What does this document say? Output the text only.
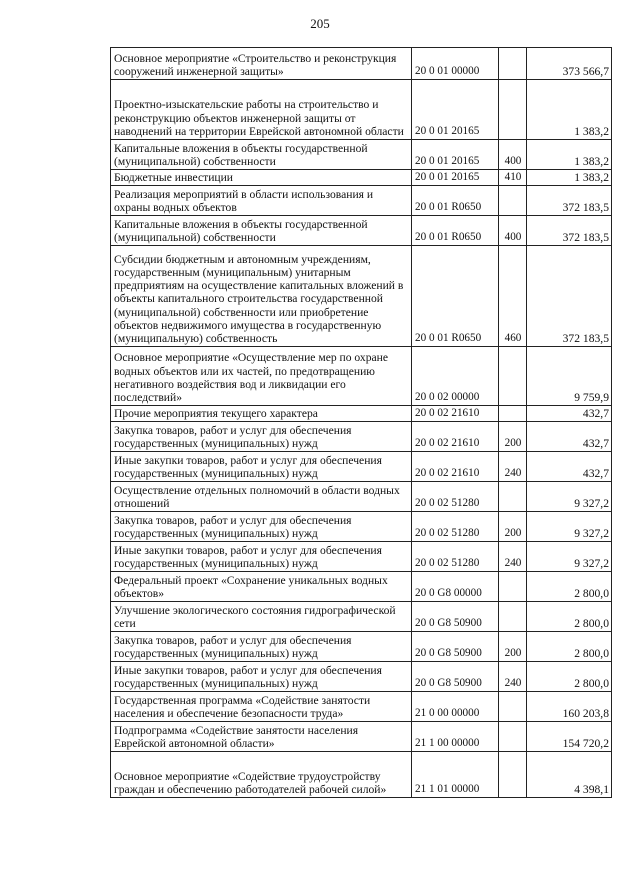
205
Основное мероприятие «Строительство и реконструкция сооружений инженерной защиты»	20 0 01 00000		373 566,7
Проектно-изыскательские работы на строительство и реконструкцию объектов инженерной защиты от наводнений на территории Еврейской автономной области	20 0 01 20165		1 383,2
Капитальные вложения в объекты государственной (муниципальной) собственности	20 0 01 20165	400	1 383,2
Бюджетные инвестиции	20 0 01 20165	410	1 383,2
Реализация мероприятий в области использования и охраны водных объектов	20 0 01 R0650		372 183,5
Капитальные вложения в объекты государственной (муниципальной) собственности	20 0 01 R0650	400	372 183,5
Субсидии бюджетным и автономным учреждениям, государственным (муниципальным) унитарным предприятиям на осуществление капитальных вложений в объекты капитального строительства государственной (муниципальной) собственности или приобретение объектов недвижимого имущества в государственную (муниципальную) собственность	20 0 01 R0650	460	372 183,5
Основное мероприятие «Осуществление мер по охране водных объектов или их частей, по предотвращению негативного воздействия вод и ликвидации его последствий»	20 0 02 00000		9 759,9
Прочие мероприятия текущего характера	20 0 02 21610		432,7
Закупка товаров, работ и услуг для обеспечения государственных (муниципальных) нужд	20 0 02 21610	200	432,7
Иные закупки товаров, работ и услуг для обеспечения государственных (муниципальных) нужд	20 0 02 21610	240	432,7
Осуществление отдельных полномочий в области водных отношений	20 0 02 51280		9 327,2
Закупка товаров, работ и услуг для обеспечения государственных (муниципальных) нужд	20 0 02 51280	200	9 327,2
Иные закупки товаров, работ и услуг для обеспечения государственных (муниципальных) нужд	20 0 02 51280	240	9 327,2
Федеральный проект «Сохранение уникальных водных объектов»	20 0 G8 00000		2 800,0
Улучшение экологического состояния гидрографической сети	20 0 G8 50900		2 800,0
Закупка товаров, работ и услуг для обеспечения государственных (муниципальных) нужд	20 0 G8 50900	200	2 800,0
Иные закупки товаров, работ и услуг для обеспечения государственных (муниципальных) нужд	20 0 G8 50900	240	2 800,0
Государственная программа «Содействие занятости населения и обеспечение безопасности труда»	21 0 00 00000		160 203,8
Подпрограмма «Содействие занятости населения Еврейской автономной области»	21 1 00 00000		154 720,2
Основное мероприятие «Содействие трудоустройству граждан и обеспечению работодателей рабочей силой»	21 1 01 00000		4 398,1
